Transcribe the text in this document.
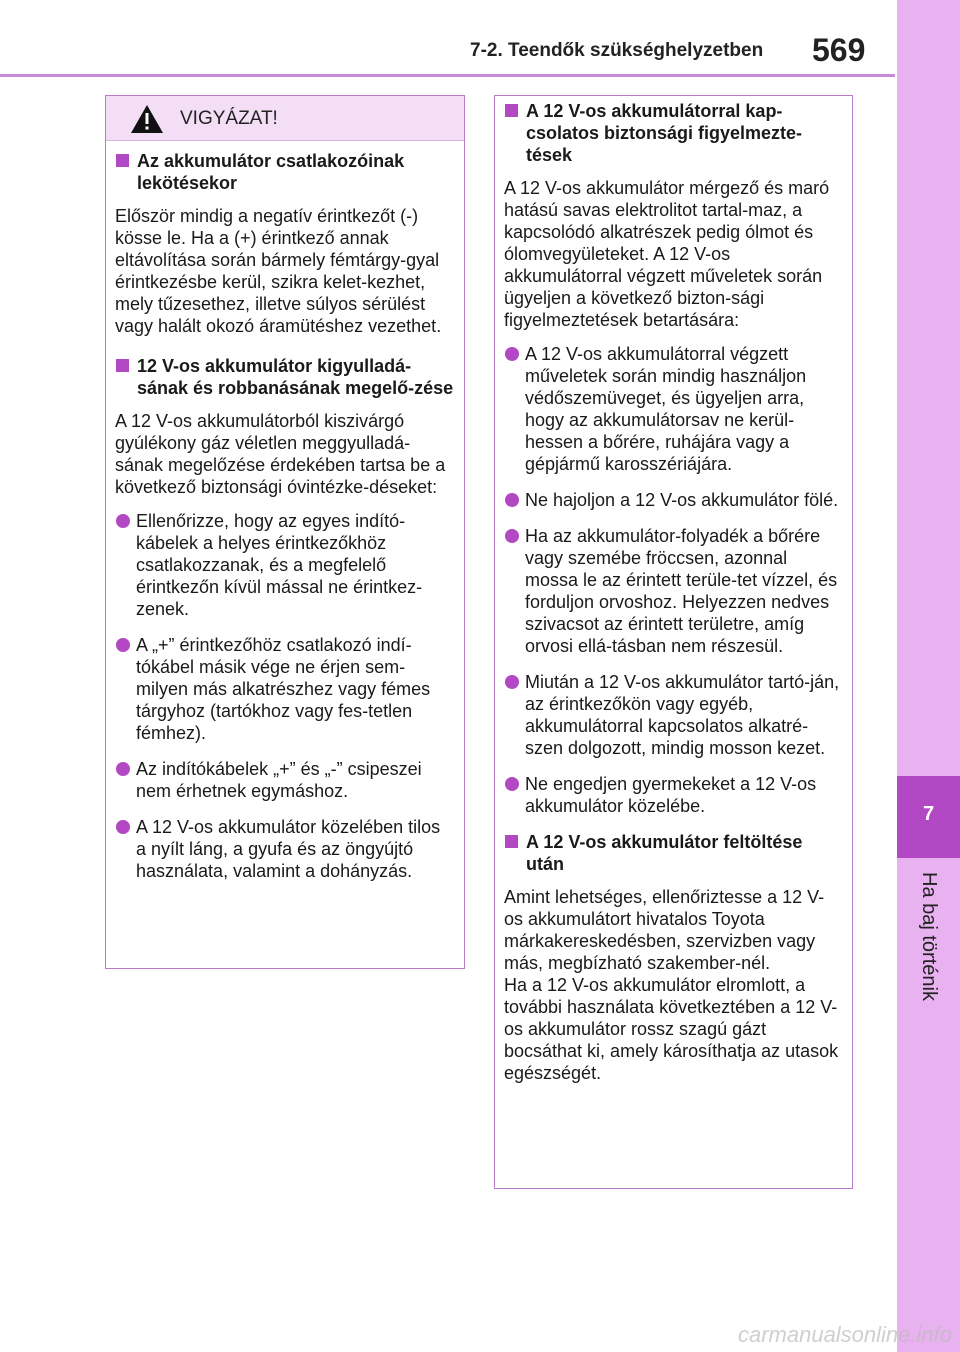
7-2. Teendők szükséghelyzetben 569
7
Ha baj történik
VIGYÁZAT!
Az akkumulátor csatlakozóinak lekötésekor
Először mindig a negatív érintkezőt (-) kösse le. Ha a (+) érintkező annak eltávolítása során bármely fémtárgy-gyal érintkezésbe kerül, szikra kelet-kezhet, mely tűzesethez, illetve súlyos sérülést vagy halált okozó áramütéshez vezethet.
12 V-os akkumulátor kigyulladá-sának és robbanásának megelő-zése
A 12 V-os akkumulátorból kiszivárgó gyúlékony gáz véletlen meggyulladá-sának megelőzése érdekében tartsa be a következő biztonsági óvintézke-déseket:
Ellenőrizze, hogy az egyes indító-kábelek a helyes érintkezőkhöz csatlakozzanak, és a megfelelő érintkezőn kívül mással ne érintkez-zenek.
A „+” érintkezőhöz csatlakozó indí-tókábel másik vége ne érjen sem-milyen más alkatrészhez vagy fémes tárgyhoz (tartókhoz vagy fes-tetlen fémhez).
Az indítókábelek „+” és „-” csipeszei nem érhetnek egymáshoz.
A 12 V-os akkumulátor közelében tilos a nyílt láng, a gyufa és az öngyújtó használata, valamint a dohányzás.
A 12 V-os akkumulátorral kap-csolatos biztonsági figyelmezte-tések
A 12 V-os akkumulátor mérgező és maró hatású savas elektrolitot tartal-maz, a kapcsolódó alkatrészek pedig ólmot és ólomvegyületeket. A 12 V-os akkumulátorral végzett műveletek során ügyeljen a következő bizton-sági figyelmeztetések betartására:
A 12 V-os akkumulátorral végzett műveletek során mindig használjon védőszemüveget, és ügyeljen arra, hogy az akkumulátorsav ne kerül-hessen a bőrére, ruhájára vagy a gépjármű karosszériájára.
Ne hajoljon a 12 V-os akkumulátor fölé.
Ha az akkumulátor-folyadék a bőrére vagy szemébe fröccsen, azonnal mossa le az érintett terüle-tet vízzel, és forduljon orvoshoz. Helyezzen nedves szivacsot az érintett területre, amíg orvosi ellá-tásban nem részesül.
Miután a 12 V-os akkumulátor tartó-ján, az érintkezőkön vagy egyéb, akkumulátorral kapcsolatos alkatré-szen dolgozott, mindig mosson kezet.
Ne engedjen gyermekeket a 12 V-os akkumulátor közelébe.
A 12 V-os akkumulátor feltöltése után
Amint lehetséges, ellenőriztesse a 12 V-os akkumulátort hivatalos Toyota márkakereskedésben, szervizben vagy más, megbízható szakember-nél.
Ha a 12 V-os akkumulátor elromlott, a további használata következtében a 12 V-os akkumulátor rossz szagú gázt bocsáthat ki, amely károsíthatja az utasok egészségét.
carmanualsonline.info
